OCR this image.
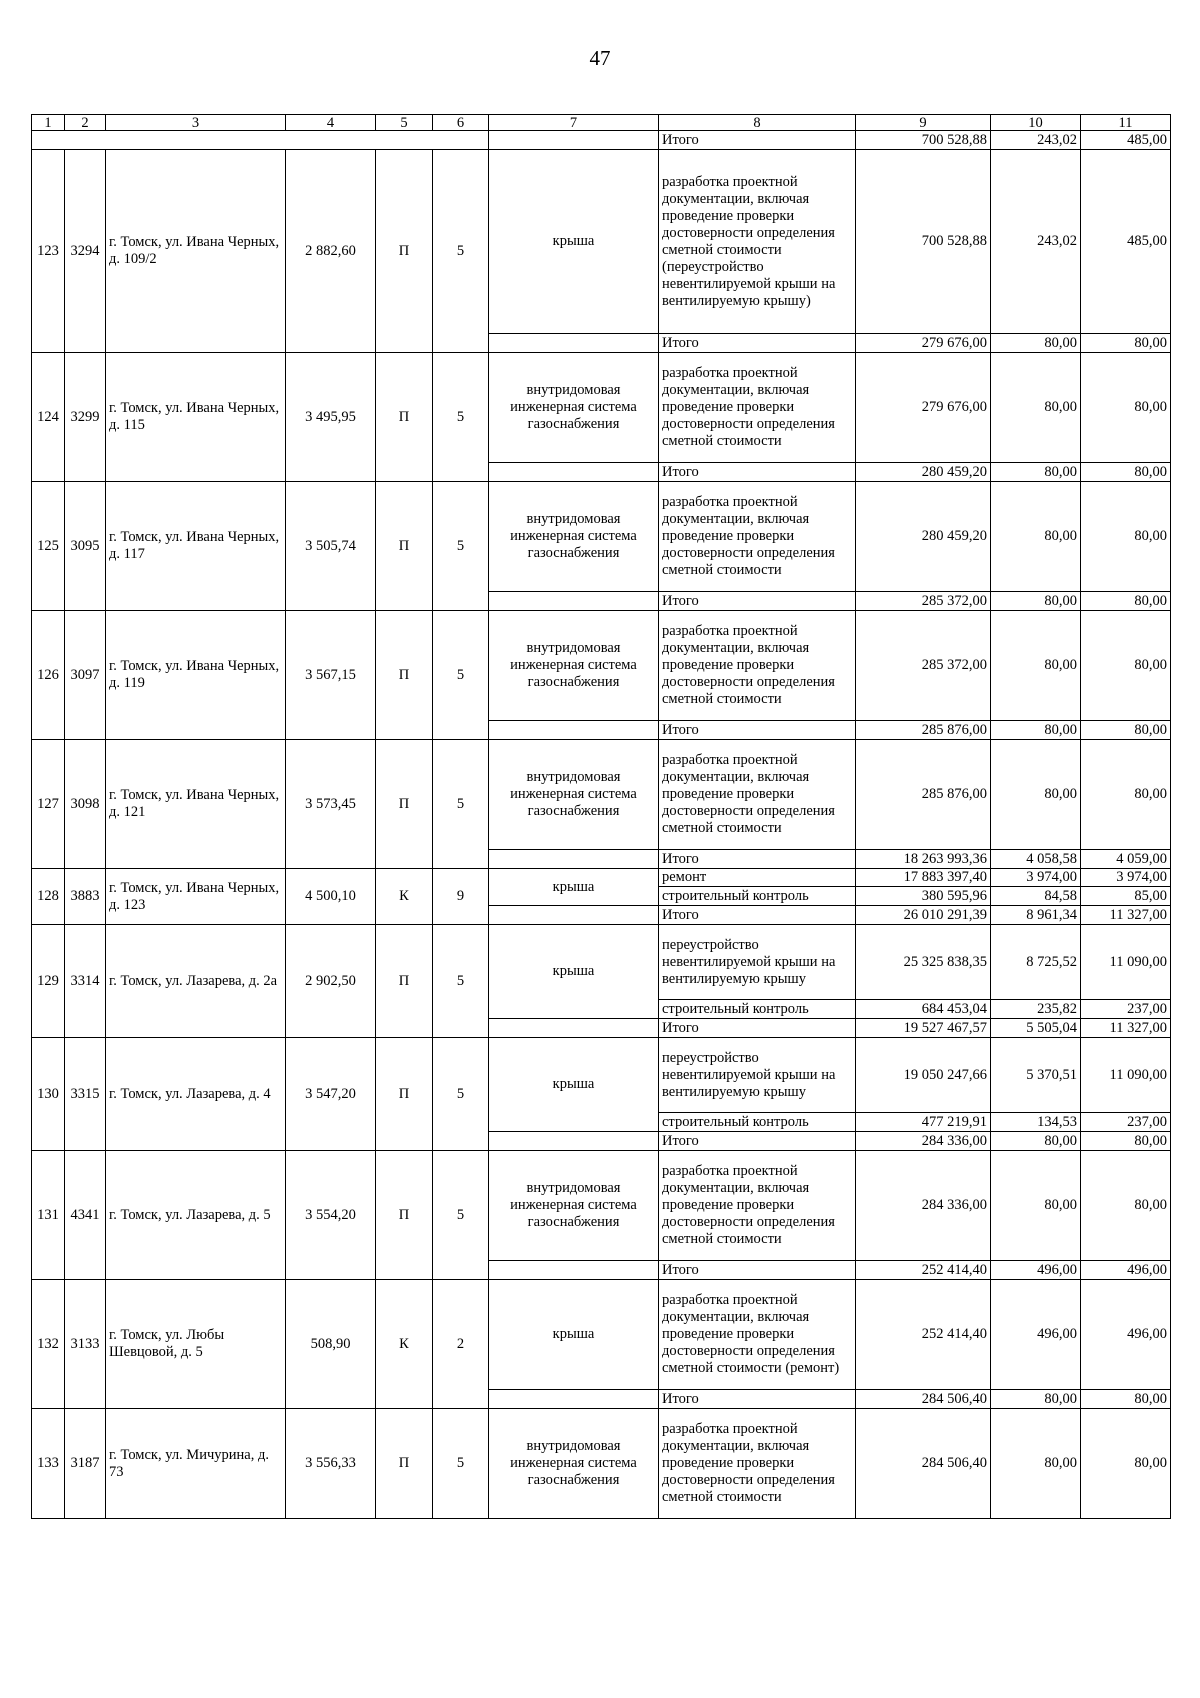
47
1	2	3	4	5	6	7	8	9	10	11
							Итого	700 528,88	243,02	485,00
123	3294	г. Томск, ул. Ивана Черных, д. 109/2	2 882,60	П	5	крыша	разработка проектной документации, включая проведение проверки достоверности определения сметной стоимости (переустройство невентилируемой крыши на вентилируемую крышу)	700 528,88	243,02	485,00
							Итого	279 676,00	80,00	80,00
124	3299	г. Томск, ул. Ивана Черных, д. 115	3 495,95	П	5	внутридомовая инженерная система газоснабжения	разработка проектной документации, включая проведение проверки достоверности определения сметной стоимости	279 676,00	80,00	80,00
							Итого	280 459,20	80,00	80,00
125	3095	г. Томск, ул. Ивана Черных, д. 117	3 505,74	П	5	внутридомовая инженерная система газоснабжения	разработка проектной документации, включая проведение проверки достоверности определения сметной стоимости	280 459,20	80,00	80,00
							Итого	285 372,00	80,00	80,00
126	3097	г. Томск, ул. Ивана Черных, д. 119	3 567,15	П	5	внутридомовая инженерная система газоснабжения	разработка проектной документации, включая проведение проверки достоверности определения сметной стоимости	285 372,00	80,00	80,00
							Итого	285 876,00	80,00	80,00
127	3098	г. Томск, ул. Ивана Черных, д. 121	3 573,45	П	5	внутридомовая инженерная система газоснабжения	разработка проектной документации, включая проведение проверки достоверности определения сметной стоимости	285 876,00	80,00	80,00
							Итого	18 263 993,36	4 058,58	4 059,00
128	3883	г. Томск, ул. Ивана Черных, д. 123	4 500,10	К	9	крыша	ремонт	17 883 397,40	3 974,00	3 974,00
							строительный контроль	380 595,96	84,58	85,00
							Итого	26 010 291,39	8 961,34	11 327,00
129	3314	г. Томск, ул. Лазарева, д. 2а	2 902,50	П	5	крыша	переустройство невентилируемой крыши на вентилируемую крышу	25 325 838,35	8 725,52	11 090,00
							строительный контроль	684 453,04	235,82	237,00
							Итого	19 527 467,57	5 505,04	11 327,00
130	3315	г. Томск, ул. Лазарева, д. 4	3 547,20	П	5	крыша	переустройство невентилируемой крыши на вентилируемую крышу	19 050 247,66	5 370,51	11 090,00
							строительный контроль	477 219,91	134,53	237,00
							Итого	284 336,00	80,00	80,00
131	4341	г. Томск, ул. Лазарева, д. 5	3 554,20	П	5	внутридомовая инженерная система газоснабжения	разработка проектной документации, включая проведение проверки достоверности определения сметной стоимости	284 336,00	80,00	80,00
							Итого	252 414,40	496,00	496,00
132	3133	г. Томск, ул. Любы Шевцовой, д. 5	508,90	К	2	крыша	разработка проектной документации, включая проведение проверки достоверности определения сметной стоимости (ремонт)	252 414,40	496,00	496,00
							Итого	284 506,40	80,00	80,00
133	3187	г. Томск, ул. Мичурина, д. 73	3 556,33	П	5	внутридомовая инженерная система газоснабжения	разработка проектной документации, включая проведение проверки достоверности определения сметной стоимости	284 506,40	80,00	80,00
